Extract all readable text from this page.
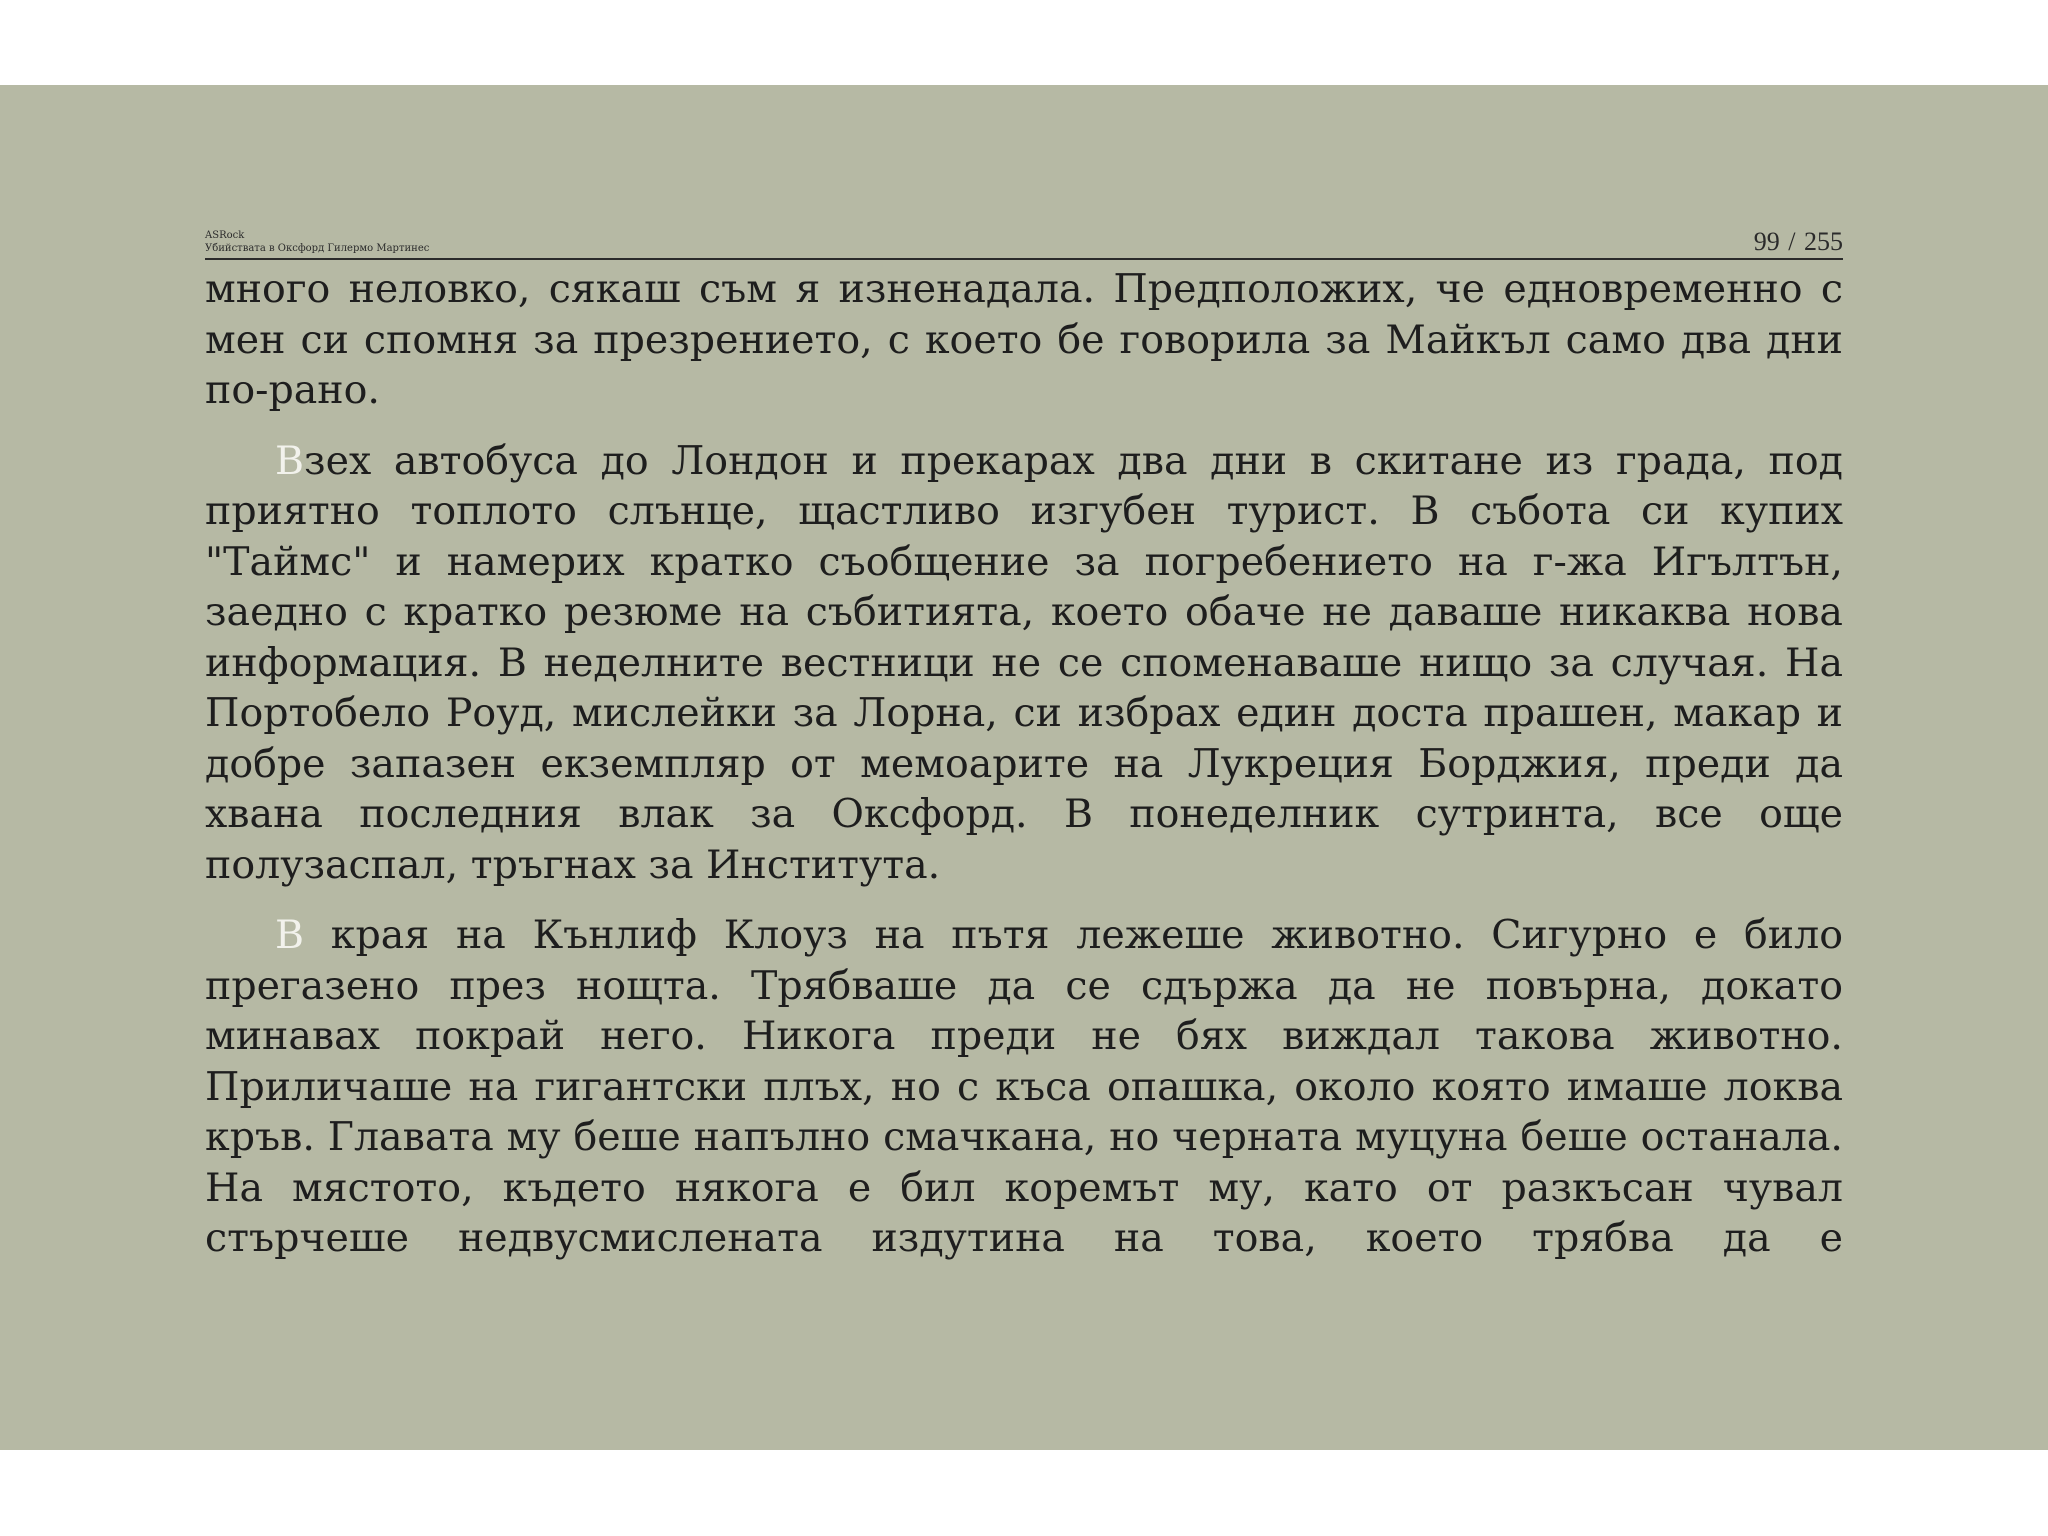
ASRock
Убийствата в Оксфорд Гилермо Мартинес	99 / 255

много неловко, сякаш съм я изненадала. Предположих, че едновременно с мен си спомня за презрението, с което бе говорила за Майкъл само два дни по-рано.

Взех автобуса до Лондон и прекарах два дни в скитане из града, под приятно топлото слънце, щастливо изгубен турист. В събота си купих "Таймс" и намерих кратко съобщение за погребението на г-жа Игълтън, заедно с кратко резюме на събитията, което обаче не даваше никаква нова информация. В неделните вестници не се споменаваше нищо за случая. На Портобело Роуд, мислейки за Лорна, си избрах един доста прашен, макар и добре запазен екземпляр от мемоарите на Лукреция Борджия, преди да хвана последния влак за Оксфорд. В понеделник сутринта, все още полузаспал, тръгнах за Института.

В края на Кънлиф Клоуз на пътя лежеше животно. Сигурно е било прегазено през нощта. Трябваше да се сдържа да не повърна, докато минавах покрай него. Никога преди не бях виждал такова животно. Приличаше на гигантски плъх, но с къса опашка, около която имаше локва кръв. Главата му беше напълно смачкана, но черната муцуна беше останала. На мястото, където някога е бил коремът му, като от разкъсан чувал стърчеше недвусмислената издутина на това, което трябва да е
